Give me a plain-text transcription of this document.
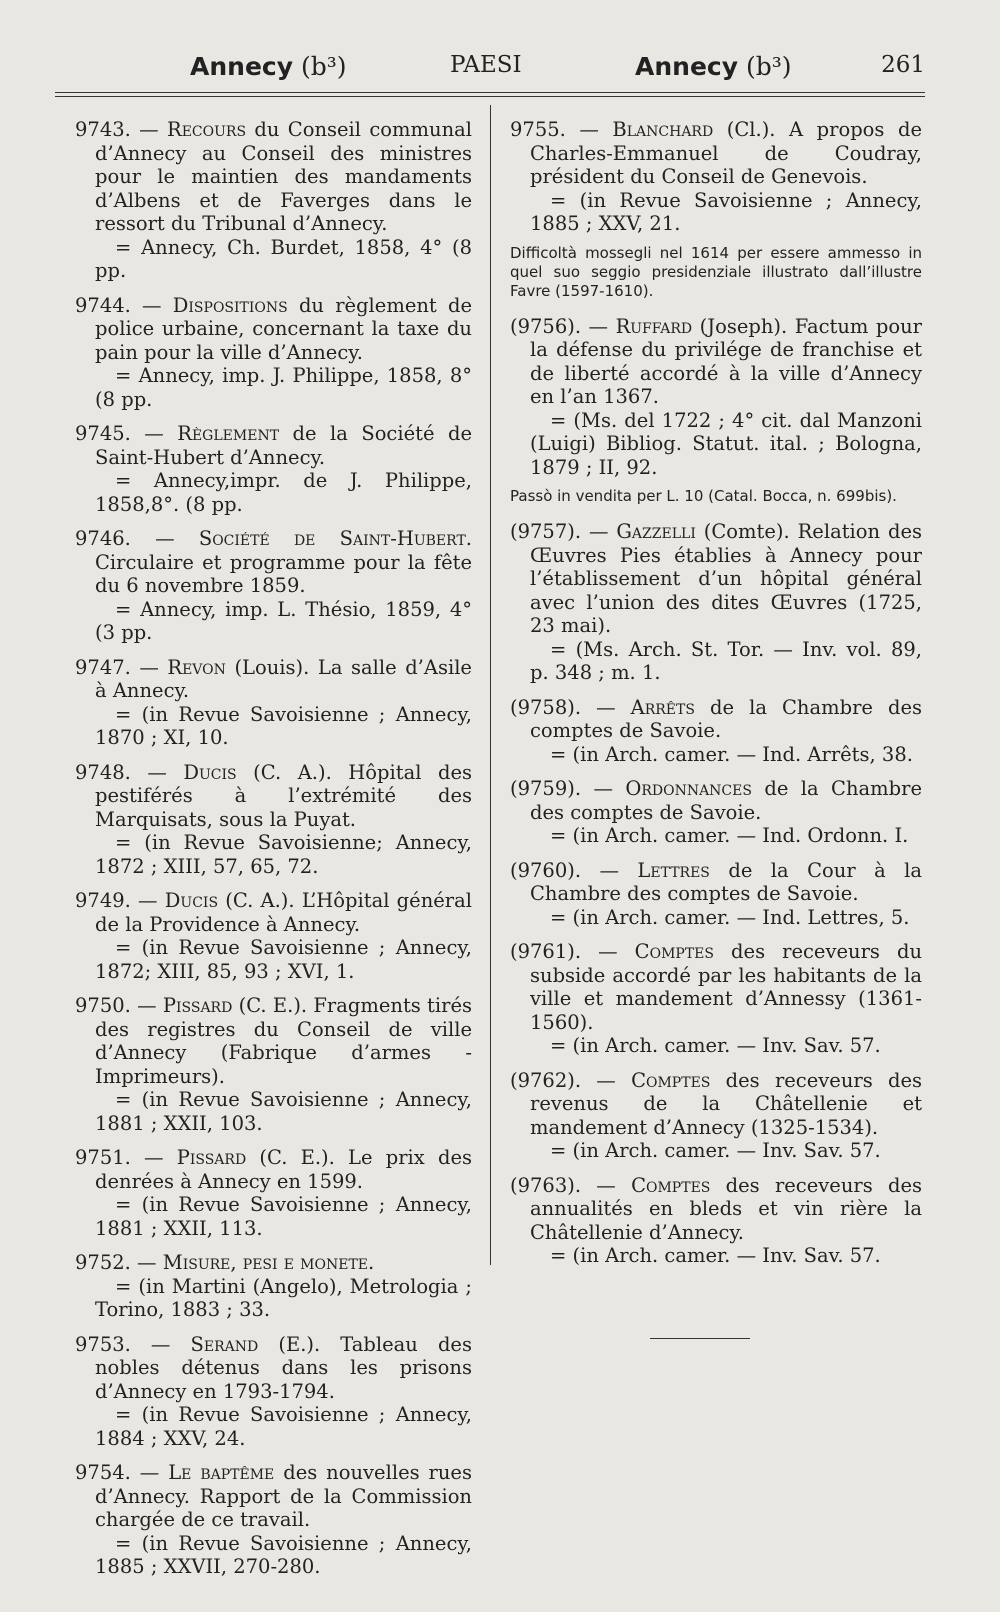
Annecy (b³)	PAESI	Annecy (b³)	261
9743. — Recours du Conseil communal d’Annecy au Conseil des ministres pour le maintien des mandaments d’Albens et de Faverges dans le ressort du Tribunal d’Annecy.
= Annecy, Ch. Burdet, 1858, 4° (8 pp.
9744. — Dispositions du règlement de police urbaine, concernant la taxe du pain pour la ville d’Annecy.
= Annecy, imp. J. Philippe, 1858, 8° (8 pp.
9745. — Règlement de la Société de Saint-Hubert d’Annecy.
= Annecy,impr. de J. Philippe, 1858,8°. (8 pp.
9746. — Société de Saint-Hubert. Circulaire et programme pour la fête du 6 novembre 1859.
= Annecy, imp. L. Thésio, 1859, 4° (3 pp.
9747. — Revon (Louis). La salle d’Asile à Annecy.
= (in Revue Savoisienne ; Annecy, 1870 ; XI, 10.
9748. — Ducis (C. A.). Hôpital des pestiférés à l’extrémité des Marquisats, sous la Puyat.
= (in Revue Savoisienne; Annecy, 1872 ; XIII, 57, 65, 72.
9749. — Ducis (C. A.). L’Hôpital général de la Providence à Annecy.
= (in Revue Savoisienne ; Annecy, 1872; XIII, 85, 93 ; XVI, 1.
9750. — Pissard (C. E.). Fragments tirés des registres du Conseil de ville d’Annecy (Fabrique d’armes - Imprimeurs).
= (in Revue Savoisienne ; Annecy, 1881 ; XXII, 103.
9751. — Pissard (C. E.). Le prix des denrées à Annecy en 1599.
= (in Revue Savoisienne ; Annecy, 1881 ; XXII, 113.
9752. — Misure, pesi e monete.
= (in Martini (Angelo), Metrologia ; Torino, 1883 ; 33.
9753. — Serand (E.). Tableau des nobles détenus dans les prisons d’Annecy en 1793-1794.
= (in Revue Savoisienne ; Annecy, 1884 ; XXV, 24.
9754. — Le baptême des nouvelles rues d’Annecy. Rapport de la Commission chargée de ce travail.
= (in Revue Savoisienne ; Annecy, 1885 ; XXVII, 270-280.
9755. — Blanchard (Cl.). A propos de Charles-Emmanuel de Coudray, président du Conseil de Genevois.
= (in Revue Savoisienne ; Annecy, 1885 ; XXV, 21.
Difficoltà mossegli nel 1614 per essere ammesso in quel suo seggio presidenziale illustrato dall’illustre Favre (1597-1610).
(9756). — Ruffard (Joseph). Factum pour la défense du privilége de franchise et de liberté accordé à la ville d’Annecy en l’an 1367.
= (Ms. del 1722 ; 4° cit. dal Manzoni (Luigi) Bibliog. Statut. ital. ; Bologna, 1879 ; II, 92.
Passò in vendita per L. 10 (Catal. Bocca, n. 699bis).
(9757). — Gazzelli (Comte). Relation des Œuvres Pies établies à Annecy pour l’établissement d’un hôpital général avec l’union des dites Œuvres (1725, 23 mai).
= (Ms. Arch. St. Tor. — Inv. vol. 89, p. 348 ; m. 1.
(9758). — Arrêts de la Chambre des comptes de Savoie.
= (in Arch. camer. — Ind. Arrêts, 38.
(9759). — Ordonnances de la Chambre des comptes de Savoie.
= (in Arch. camer. — Ind. Ordonn. I.
(9760). — Lettres de la Cour à la Chambre des comptes de Savoie.
= (in Arch. camer. — Ind. Lettres, 5.
(9761). — Comptes des receveurs du subside accordé par les habitants de la ville et mandement d’Annessy (1361-1560).
= (in Arch. camer. — Inv. Sav. 57.
(9762). — Comptes des receveurs des revenus de la Châtellenie et mandement d’Annecy (1325-1534).
= (in Arch. camer. — Inv. Sav. 57.
(9763). — Comptes des receveurs des annualités en bleds et vin rière la Châtellenie d’Annecy.
= (in Arch. camer. — Inv. Sav. 57.
